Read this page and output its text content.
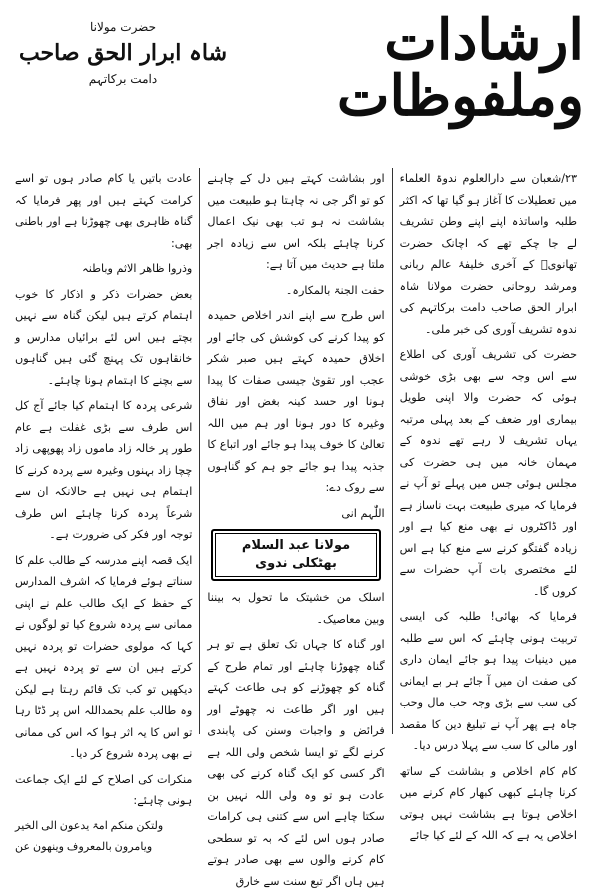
ارشادات وملفوظات
حضرت مولانا
شاہ ابرار الحق صاحب
دامت برکاتہم

۲۳/شعبان سے دارالعلوم ندوۃ العلماء میں تعطیلات کا آغاز ہو گیا تھا کہ اکثر طلبہ واساتذہ اپنے اپنے وطن تشریف لے جا چکے تھے کہ اچانک حضرت تھانویؒ کے آخری خلیفۂ عالم ربانی ومرشد روحانی حضرت مولانا شاہ ابرار الحق صاحب دامت برکاتہم کی ندوہ تشریف آوری کی خبر ملی۔

حضرت کی تشریف آوری کی اطلاع سے اس وجہ سے بھی بڑی خوشی ہوئی کہ حضرت والا اپنی طویل بیماری اور ضعف کے بعد پہلی مرتبہ یہاں تشریف لا رہے تھے ندوہ کے مہمان خانہ میں ہی حضرت کی مجلس ہوئی جس میں پہلے تو آپ نے فرمایا کہ میری طبیعت بہت ناساز ہے اور ڈاکٹروں نے بھی منع کیا ہے اور زیادہ گفتگو کرنے سے منع کیا ہے اس لئے مختصری بات آپ حضرات سے کروں گا۔

فرمایا کہ بھائی! طلبہ کی ایسی تربیت ہونی چاہئے کہ اس سے طلبہ میں دینیات پیدا ہو جائے ایمان داری کی صفت ان میں آ جائے ہر بے ایمانی کی سب سے بڑی وجہ حب مال وحب جاہ ہے پھر آپ نے تبلیغ دین کا مقصد اور مالی کا سب سے پہلا درس دیا۔

کام کام اخلاص و بشاشت کے ساتھ کرنا چاہئے کبھی کبھار کام کرنے میں اخلاص ہوتا ہے بشاشت نہیں ہوتی اخلاص یہ ہے کہ اللہ کے لئے کیا جائے

اور بشاشت کہتے ہیں دل کے چاہنے کو تو اگر جی نہ چاہتا ہو طبیعت میں بشاشت نہ ہو تب بھی نیک اعمال کرنا چاہئے بلکہ اس سے زیادہ اجر ملتا ہے حدیث میں آتا ہے:

حفت الجنۃ بالمکارہ۔

اس طرح سے اپنے اندر اخلاص حمیدہ کو پیدا کرنے کی کوشش کی جائے اور اخلاق حمیدہ کہتے ہیں صبر شکر عجب اور تقویٰ جیسی صفات کا پیدا ہونا اور حسد کینہ بغض اور نفاق وغیرہ کا دور ہونا اور ہم میں اللہ تعالیٰ کا خوف پیدا ہو جائے اور اتباع کا جذبہ پیدا ہو جائے جو ہم کو گناہوں سے روک دے:

اللّٰہم انی

مولانا عبد السلام بھٹکلی ندوی

اسلک من خشیتک ما تحول بہ بیننا وبین معاصیک۔

اور گناہ کا جہاں تک تعلق ہے تو ہر گناہ چھوڑنا چاہئے اور تمام طرح کے گناہ کو چھوڑنے کو ہی طاعت کہتے ہیں اور اگر طاعت نہ چھوٹے اور فرائض و واجبات وسنن کی پابندی کرنے لگے تو ایسا شخص ولی اللہ ہے اگر کسی کو ایک گناہ کرنے کی بھی عادت ہو تو وہ ولی اللہ نہیں بن سکتا چاہے اس سے کتنی ہی کرامات صادر ہوں اس لئے کہ بہ تو سطحی کام کرنے والوں سے بھی صادر ہوتے ہیں ہاں اگر تبع سنت سے خارق

عادت باتیں یا کام صادر ہوں تو اسے کرامت کہتے ہیں اور پھر فرمایا کہ گناہ ظاہری بھی چھوڑنا ہے اور باطنی بھی:

وذروا ظاھر الاثم وباطنہ

بعض حضرات ذکر و اذکار کا خوب اہتمام کرتے ہیں لیکن گناہ سے نہیں بچتے ہیں اس لئے برائیاں مدارس و خانقاہوں تک پہنچ گئی ہیں گناہوں سے بچنے کا اہتمام ہونا چاہئے۔

شرعی پردہ کا اہتمام کیا جائے آج کل اس طرف سے بڑی غفلت ہے عام طور پر خالہ زاد ماموں زاد پھوپھی زاد چچا زاد بہنوں وغیرہ سے پردہ کرنے کا اہتمام ہی نہیں ہے حالانکہ ان سے شرعاً پردہ کرنا چاہئے اس طرف توجہ اور فکر کی ضرورت ہے۔

ایک قصہ اپنے مدرسہ کے طالب علم کا سناتے ہوئے فرمایا کہ اشرف المدارس کے حفظ کے ایک طالب علم نے اپنی ممانی سے پردہ شروع کیا تو لوگوں نے کہا کہ مولوی حضرات تو پردہ نہیں کرتے ہیں ان سے تو پردہ نہیں ہے دیکھیں تو کب تک قائم رہتا ہے لیکن وہ طالب علم بحمداللہ اس پر ڈٹا رہا تو اس کا یہ اثر ہوا کہ اس کی ممانی نے بھی پردہ شروع کر دیا۔

منکرات کی اصلاح کے لئے ایک جماعت ہونی چاہئے:

ولتکن منکم امۃ یدعون الی الخیر ویامرون بالمعروف وینھون عن
